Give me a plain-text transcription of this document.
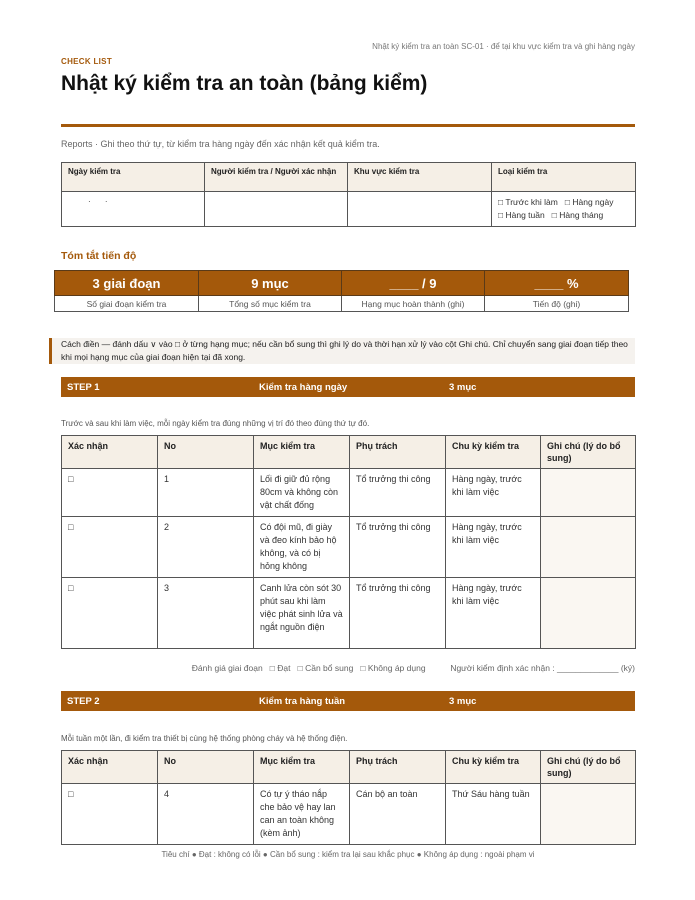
Nhật ký kiểm tra an toàn SC-01 · để tại khu vực kiểm tra và ghi hàng ngày
CHECK LIST
Nhật ký kiểm tra an toàn (bảng kiểm)
Reports · Ghi theo thứ tự, từ kiểm tra hàng ngày đến xác nhận kết quả kiểm tra.
Ngày kiểm tra	Người kiểm tra / Người xác nhận	Khu vực kiểm tra	Loại kiểm tra
· ·			□ Trước khi làm □ Hàng ngày
□ Hàng tuần □ Hàng tháng
Tóm tắt tiến độ
3 giai đoạn	9 mục	____ / 9	____ %
Số giai đoạn kiểm tra	Tổng số mục kiểm tra	Hạng mục hoàn thành (ghi)	Tiến độ (ghi)
Cách điền — đánh dấu ∨ vào □ ở từng hạng mục; nếu cần bổ sung thì ghi lý do và thời hạn xử lý vào cột Ghi chú. Chỉ chuyển sang giai đoạn tiếp theo khi mọi hạng mục của giai đoạn hiện tại đã xong.
STEP 1	Kiểm tra hàng ngày	3 mục
Trước và sau khi làm việc, mỗi ngày kiểm tra đúng những vị trí đó theo đúng thứ tự đó.
Xác nhận	No	Mục kiểm tra	Phụ trách	Chu kỳ kiểm tra	Ghi chú (lý do bổ sung)
□	1	Lối đi giữ đủ rộng 80cm và không còn vật chất đống	Tổ trưởng thi công	Hàng ngày, trước khi làm việc	
□	2	Có đội mũ, đi giày và đeo kính bảo hộ không, và có bị hỏng không	Tổ trưởng thi công	Hàng ngày, trước khi làm việc	
□	3	Canh lửa còn sót 30 phút sau khi làm việc phát sinh lửa và ngắt nguồn điện	Tổ trưởng thi công	Hàng ngày, trước khi làm việc	
Đánh giá giai đoạn □ Đạt □ Cần bổ sung □ Không áp dụng	Người kiểm định xác nhận : _____________ (ký)
STEP 2	Kiểm tra hàng tuần	3 mục
Mỗi tuần một lần, đi kiểm tra thiết bị cùng hệ thống phòng cháy và hệ thống điện.
Xác nhận	No	Mục kiểm tra	Phụ trách	Chu kỳ kiểm tra	Ghi chú (lý do bổ sung)
□	4	Có tự ý tháo nắp che bảo vệ hay lan can an toàn không (kèm ảnh)	Cán bộ an toàn	Thứ Sáu hàng tuần	
Tiêu chí ● Đạt : không có lỗi ● Cần bổ sung : kiểm tra lại sau khắc phục ● Không áp dụng : ngoài phạm vi
